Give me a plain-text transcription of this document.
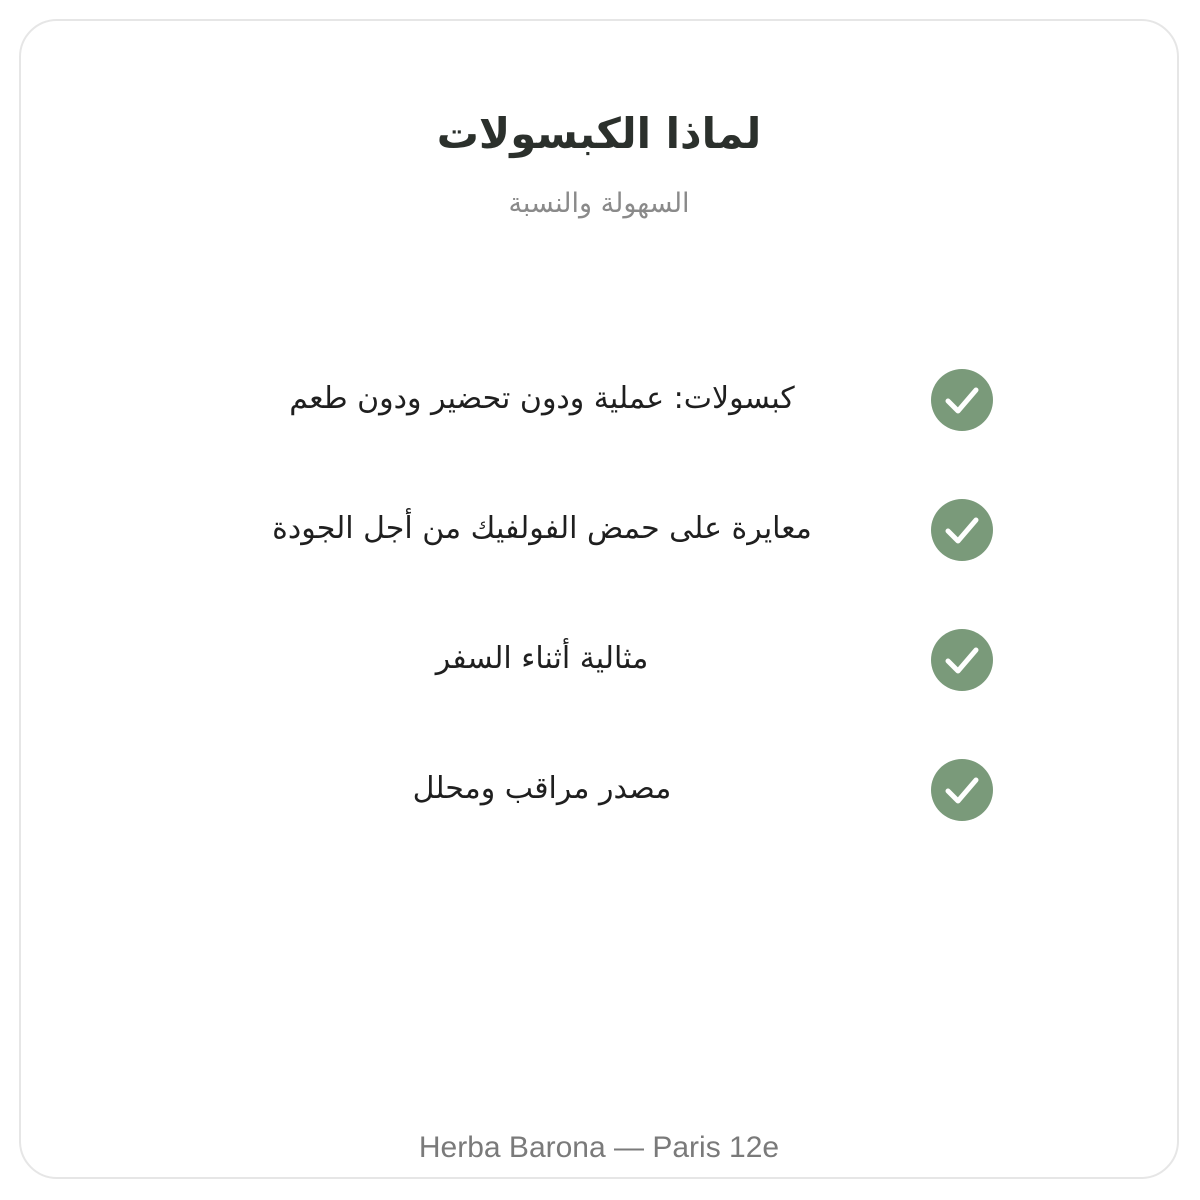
لماذا الكبسولات
السهولة والنسبة
كبسولات: عملية ودون تحضير ودون طعم
معايرة على حمض الفولفيك من أجل الجودة
مثالية أثناء السفر
مصدر مراقب ومحلل
Herba Barona — Paris 12e
